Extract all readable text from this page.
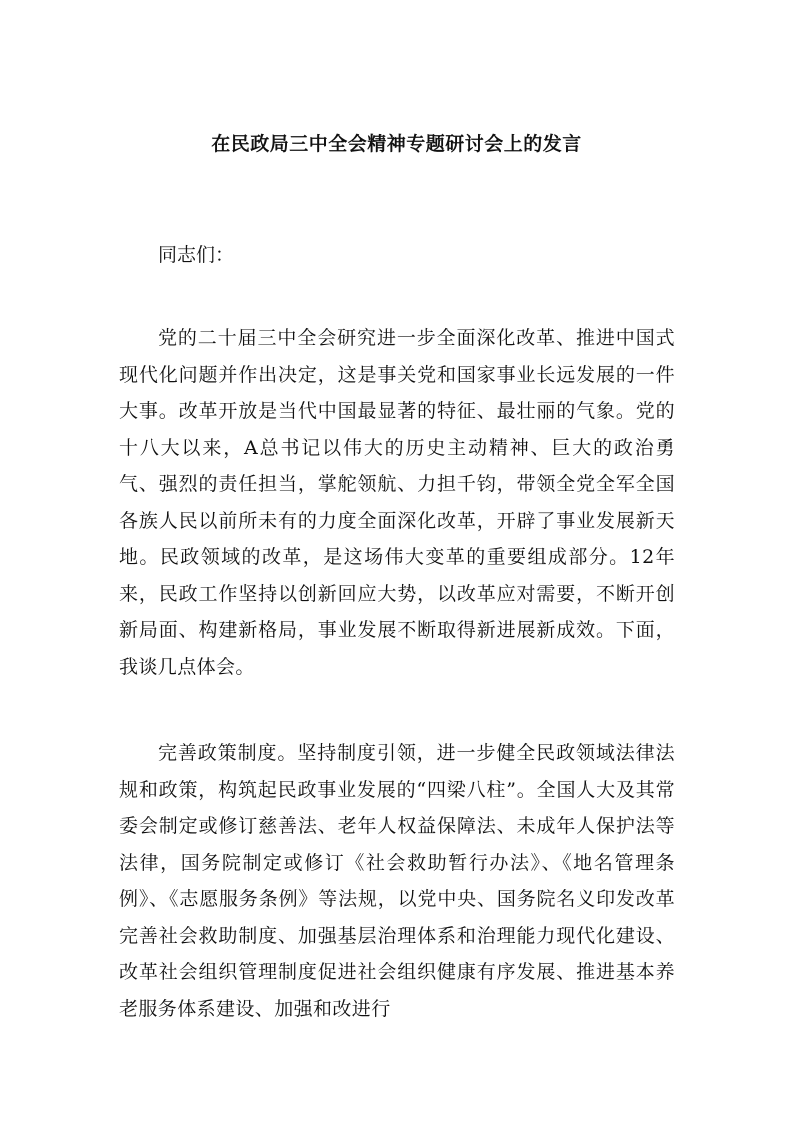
在民政局三中全会精神专题研讨会上的发言
同志们：
党的二十届三中全会研究进一步全面深化改革、推进中国式现代化问题并作出决定，这是事关党和国家事业长远发展的一件大事。改革开放是当代中国最显著的特征、最壮丽的气象。党的十八大以来，A总书记以伟大的历史主动精神、巨大的政治勇气、强烈的责任担当，掌舵领航、力担千钧，带领全党全军全国各族人民以前所未有的力度全面深化改革，开辟了事业发展新天地。民政领域的改革，是这场伟大变革的重要组成部分。12年来，民政工作坚持以创新回应大势，以改革应对需要，不断开创新局面、构建新格局，事业发展不断取得新进展新成效。下面，我谈几点体会。
完善政策制度。坚持制度引领，进一步健全民政领域法律法规和政策，构筑起民政事业发展的“四梁八柱”。全国人大及其常委会制定或修订慈善法、老年人权益保障法、未成年人保护法等法律，国务院制定或修订《社会救助暂行办法》、《地名管理条例》、《志愿服务条例》等法规，以党中央、国务院名义印发改革完善社会救助制度、加强基层治理体系和治理能力现代化建设、改革社会组织管理制度促进社会组织健康有序发展、推进基本养老服务体系建设、加强和改进行
